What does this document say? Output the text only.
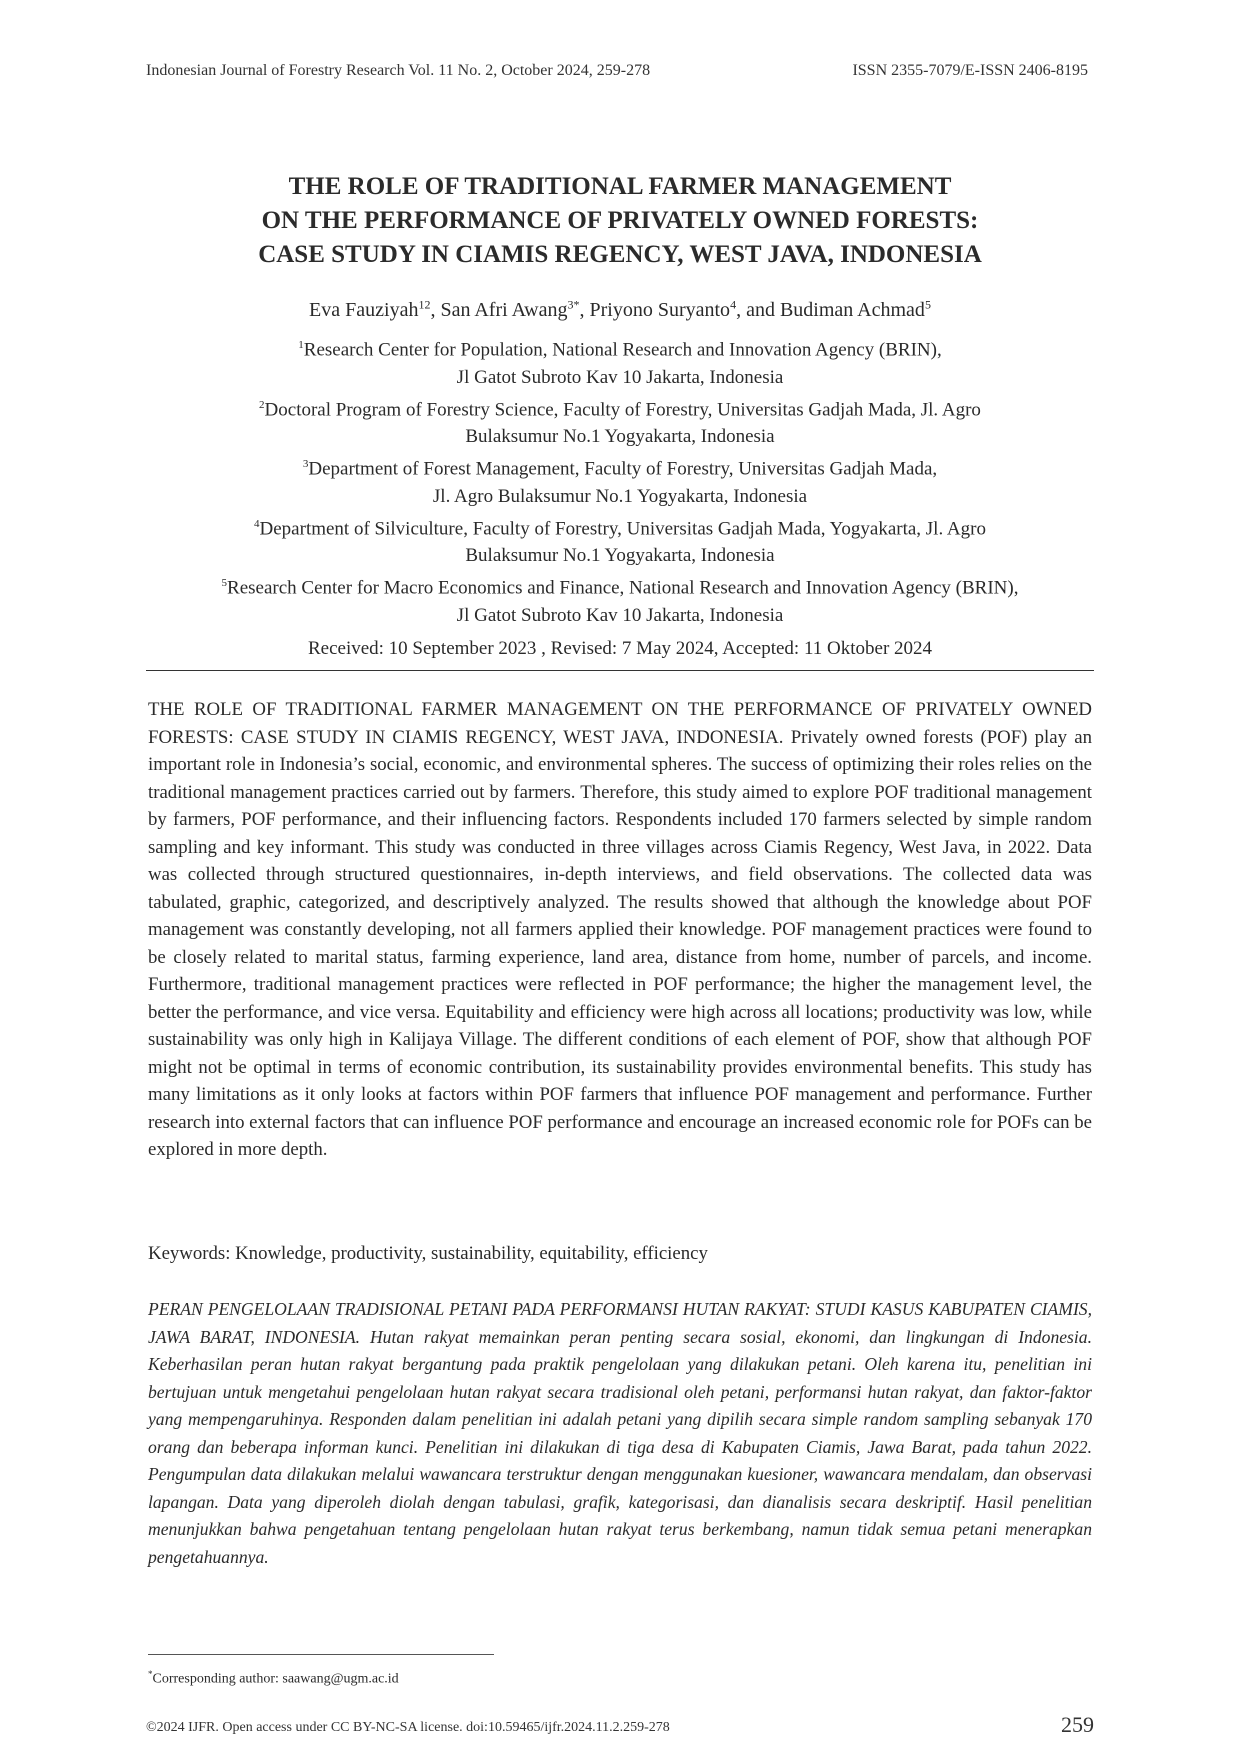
Indonesian Journal of Forestry Research Vol. 11 No. 2, October 2024, 259-278	ISSN 2355-7079/E-ISSN 2406-8195
THE ROLE OF TRADITIONAL FARMER MANAGEMENT
ON THE PERFORMANCE OF PRIVATELY OWNED FORESTS:
CASE STUDY IN CIAMIS REGENCY, WEST JAVA, INDONESIA
Eva Fauziyah$^{12}$, San Afri Awang$^{3*}$, Priyono Suryanto$^4$, and Budiman Achmad$^5$
$^1$Research Center for Population, National Research and Innovation Agency (BRIN),
Jl Gatot Subroto Kav 10 Jakarta, Indonesia
$^2$Doctoral Program of Forestry Science, Faculty of Forestry, Universitas Gadjah Mada, Jl. Agro
Bulaksumur No.1 Yogyakarta, Indonesia
$^3$Department of Forest Management, Faculty of Forestry, Universitas Gadjah Mada,
Jl. Agro Bulaksumur No.1 Yogyakarta, Indonesia
$^4$Department of Silviculture, Faculty of Forestry, Universitas Gadjah Mada, Yogyakarta, Jl. Agro
Bulaksumur No.1 Yogyakarta, Indonesia
$^5$Research Center for Macro Economics and Finance, National Research and Innovation Agency (BRIN),
Jl Gatot Subroto Kav 10 Jakarta, Indonesia
Received: 10 September 2023 , Revised: 7 May 2024, Accepted: 11 Oktober 2024

THE ROLE OF TRADITIONAL FARMER MANAGEMENT ON THE PERFORMANCE OF PRIVATELY OWNED FORESTS: CASE STUDY IN CIAMIS REGENCY, WEST JAVA, INDONESIA. Privately owned forests (POF) play an important role in Indonesia’s social, economic, and environmental spheres. The success of optimizing their roles relies on the traditional management practices carried out by farmers. Therefore, this study aimed to explore POF traditional management by farmers, POF performance, and their influencing factors. Respondents included 170 farmers selected by simple random sampling and key informant. This study was conducted in three villages across Ciamis Regency, West Java, in 2022. Data was collected through structured questionnaires, in-depth interviews, and field observations. The collected data was tabulated, graphic, categorized, and descriptively analyzed. The results showed that although the knowledge about POF management was constantly developing, not all farmers applied their knowledge. POF management practices were found to be closely related to marital status, farming experience, land area, distance from home, number of parcels, and income. Furthermore, traditional management practices were reflected in POF performance; the higher the management level, the better the performance, and vice versa. Equitability and efficiency were high across all locations; productivity was low, while sustainability was only high in Kalijaya Village. The different conditions of each element of POF, show that although POF might not be optimal in terms of economic contribution, its sustainability provides environmental benefits. This study has many limitations as it only looks at factors within POF farmers that influence POF management and performance. Further research into external factors that can influence POF performance and encourage an increased economic role for POFs can be explored in more depth.

Keywords: Knowledge, productivity, sustainability, equitability, efficiency

PERAN PENGELOLAAN TRADISIONAL PETANI PADA PERFORMANSI HUTAN RAKYAT: STUDI KASUS KABUPATEN CIAMIS, JAWA BARAT, INDONESIA. Hutan rakyat memainkan peran penting secara sosial, ekonomi, dan lingkungan di Indonesia. Keberhasilan peran hutan rakyat bergantung pada praktik pengelolaan yang dilakukan petani. Oleh karena itu, penelitian ini bertujuan untuk mengetahui pengelolaan hutan rakyat secara tradisional oleh petani, performansi hutan rakyat, dan faktor-faktor yang mempengaruhinya. Responden dalam penelitian ini adalah petani yang dipilih secara simple random sampling sebanyak 170 orang dan beberapa informan kunci. Penelitian ini dilakukan di tiga desa di Kabupaten Ciamis, Jawa Barat, pada tahun 2022. Pengumpulan data dilakukan melalui wawancara terstruktur dengan menggunakan kuesioner, wawancara mendalam, dan observasi lapangan. Data yang diperoleh diolah dengan tabulasi, grafik, kategorisasi, dan dianalisis secara deskriptif. Hasil penelitian menunjukkan bahwa pengetahuan tentang pengelolaan hutan rakyat terus berkembang, namun tidak semua petani menerapkan pengetahuannya.

*Corresponding author: saawang@ugm.ac.id
©2024 IJFR. Open access under CC BY-NC-SA license. doi:10.59465/ijfr.2024.11.2.259-278	259
